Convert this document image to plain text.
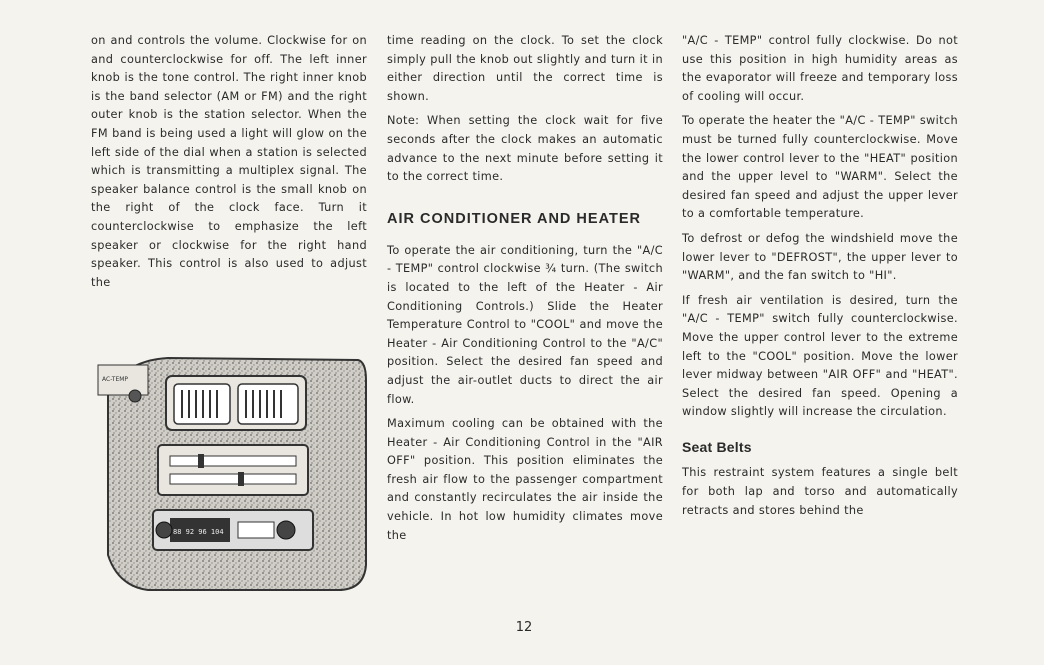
on and controls the volume. Clockwise for on and counterclockwise for off. The left inner knob is the tone control. The right inner knob is the band selector (AM or FM) and the right outer knob is the station selector. When the FM band is being used a light will glow on the left side of the dial when a station is selected which is transmitting a multiplex signal. The speaker balance control is the small knob on the right of the clock face. Turn it counterclockwise to emphasize the left speaker or clockwise for the right hand speaker. This control is also used to adjust the

AC-TEMP
88 92 96 104

time reading on the clock. To set the clock simply pull the knob out slightly and turn it in either direction until the correct time is shown.

Note: When setting the clock wait for five seconds after the clock makes an automatic advance to the next minute before setting it to the correct time.

AIR CONDITIONER AND HEATER

To operate the air conditioning, turn the "A/C - TEMP" control clockwise ¾ turn. (The switch is located to the left of the Heater - Air Conditioning Controls.) Slide the Heater Temperature Control to "COOL" and move the Heater - Air Conditioning Control to the "A/C" position. Select the desired fan speed and adjust the air-outlet ducts to direct the air flow.

Maximum cooling can be obtained with the Heater - Air Conditioning Control in the "AIR OFF" position. This position eliminates the fresh air flow to the passenger compartment and constantly recirculates the air inside the vehicle. In hot low humidity climates move the

"A/C - TEMP" control fully clockwise. Do not use this position in high humidity areas as the evaporator will freeze and temporary loss of cooling will occur.

To operate the heater the "A/C - TEMP" switch must be turned fully counterclockwise. Move the lower control lever to the "HEAT" position and the upper level to "WARM". Select the desired fan speed and adjust the upper lever to a comfortable temperature.

To defrost or defog the windshield move the lower lever to "DEFROST", the upper lever to "WARM", and the fan switch to "HI".

If fresh air ventilation is desired, turn the "A/C - TEMP" switch fully counterclockwise. Move the upper control lever to the extreme left to the "COOL" position. Move the lower lever midway between "AIR OFF" and "HEAT". Select the desired fan speed. Opening a window slightly will increase the circulation.

Seat Belts

This restraint system features a single belt for both lap and torso and automatically retracts and stores behind the

12
